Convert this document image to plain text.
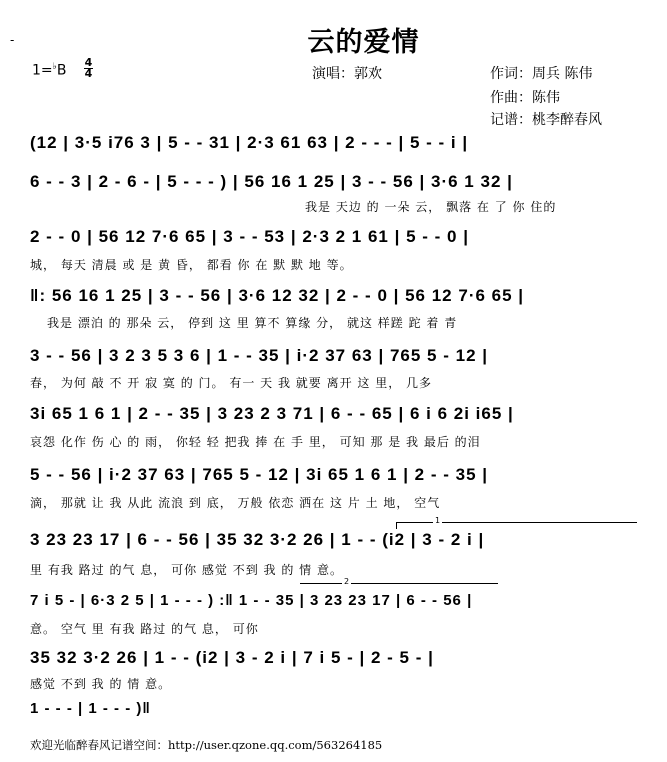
云的爱情
-
1=♭B
4
4	演唱：郭欢	作词：周兵 陈伟
作曲：陈伟
记谱：桃李醉春风
(12 | 3·5 i76 3 | 5 - - 31 | 2·3 61 63 | 2 - - - | 5 - - i |
6 - - 3 | 2 - 6 - | 5 - - - ) | 56 16 1 25 | 3 - - 56 | 3·6 1 32 |
我是 天边 的 一朵 云， 飘落 在 了 你 住的
2 - - 0 | 56 12 7·6 65 | 3 - - 53 | 2·3 2 1 61 | 5 - - 0 |
城， 每天 清晨 或 是 黄 昏， 都看 你 在 默 默 地 等。
‖: 56 16 1 25 | 3 - - 56 | 3·6 12 32 | 2 - - 0 | 56 12 7·6 65 |
我是 漂泊 的 那朵 云， 停到 这 里 算不 算缘 分， 就这 样蹉 跎 着 青
3 - - 56 | 3 2 3 5 3 6 | 1 - - 35 | i·2 37 63 | 765 5 - 12 |
春， 为何 敲 不 开 寂 寞 的 门。 有一 天 我 就要 离开 这 里， 几多
3i 65 1 6 1 | 2 - - 35 | 3 23 2 3 71 | 6 - - 65 | 6 i 6 2i i65 |
哀怨 化作 伤 心 的 雨， 你轻 轻 把我 捧 在 手 里， 可知 那 是 我 最后 的泪
5 - - 56 | i·2 37 63 | 765 5 - 12 | 3i 65 1 6 1 | 2 - - 35 |
滴， 那就 让 我 从此 流浪 到 底， 万般 依恋 洒在 这 片 土 地， 空气
1
3 23 23 17 | 6 - - 56 | 35 32 3·2 26 | 1 - - (i2 | 3 - 2 i |
里 有我 路过 的气 息， 可你 感觉 不到 我 的 情 意。
2
7 i 5 - | 6·3 2 5 | 1 - - - ) :‖ 1 - - 35 | 3 23 23 17 | 6 - - 56 |
意。 空气 里 有我 路过 的气 息， 可你
35 32 3·2 26 | 1 - - (i2 | 3 - 2 i | 7 i 5 - | 2 - 5 - |
感觉 不到 我 的 情 意。
1 - - - | 1 - - - )‖
欢迎光临醉春风记谱空间：http://user.qzone.qq.com/563264185
